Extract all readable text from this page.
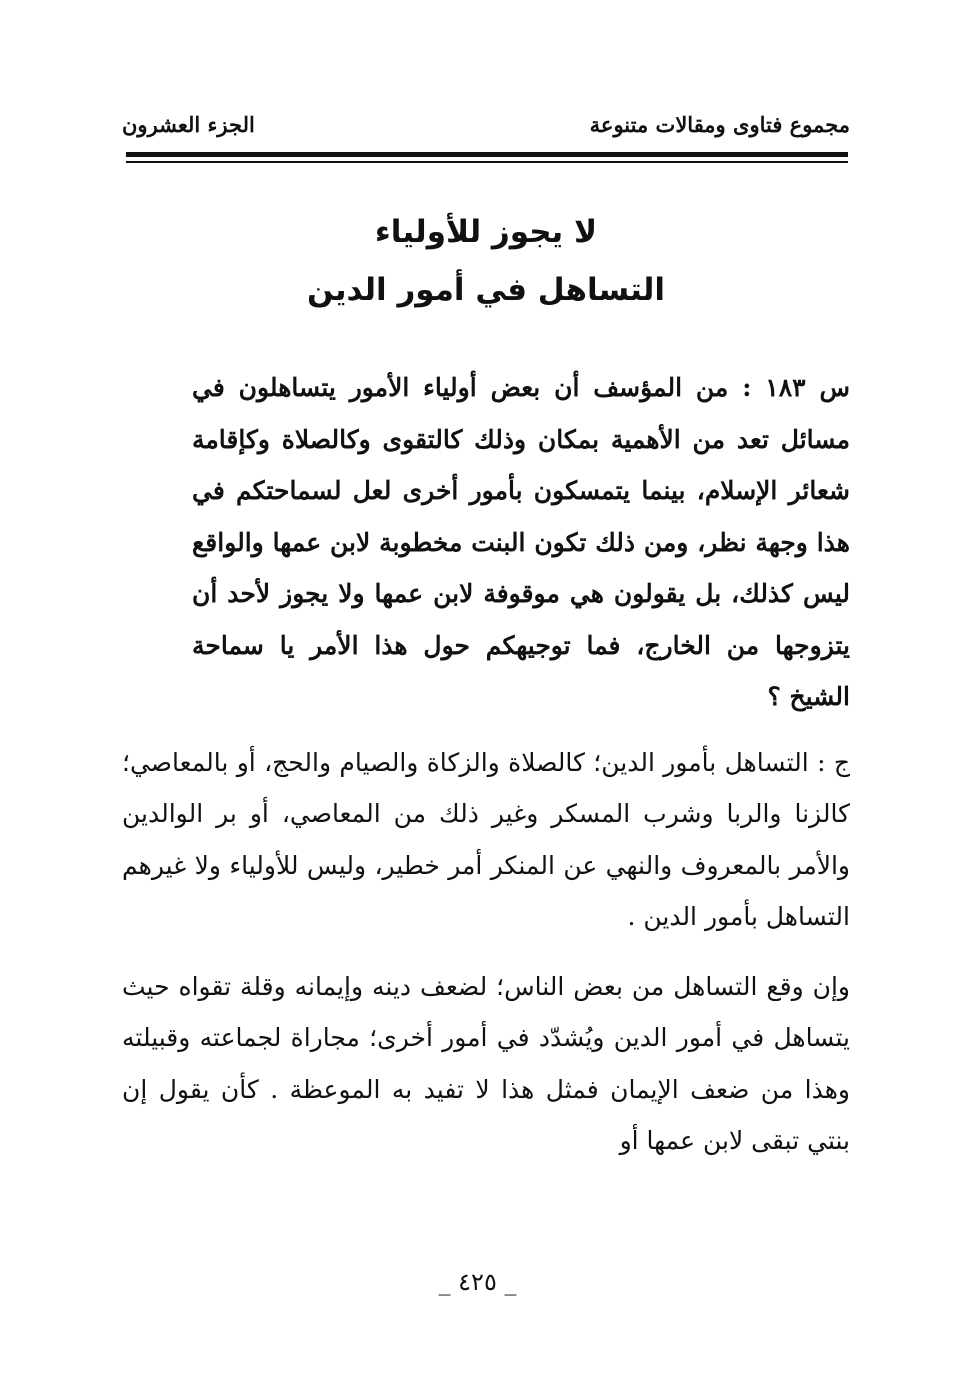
مجموع فتاوى ومقالات متنوعة
الجزء العشرون
لا يجوز للأولياء
التساهل في أمور الدين

س ١٨٣ : من المؤسف أن بعض أولياء الأمور يتساهلون في مسائل تعد من الأهمية بمكان وذلك كالتقوى وكالصلاة وكإقامة شعائر الإسلام، بينما يتمسكون بأمور أخرى لعل لسماحتكم في هذا وجهة نظر، ومن ذلك تكون البنت مخطوبة لابن عمها والواقع ليس كذلك، بل يقولون هي موقوفة لابن عمها ولا يجوز لأحد أن يتزوجها من الخارج، فما توجيهكم حول هذا الأمر يا سماحة الشيخ ؟

ج : التساهل بأمور الدين؛ كالصلاة والزكاة والصيام والحج، أو بالمعاصي؛ كالزنا والربا وشرب المسكر وغير ذلك من المعاصي، أو بر الوالدين والأمر بالمعروف والنهي عن المنكر أمر خطير، وليس للأولياء ولا غيرهم التساهل بأمور الدين .

وإن وقع التساهل من بعض الناس؛ لضعف دينه وإيمانه وقلة تقواه حيث يتساهل في أمور الدين ويُشدّد في أمور أخرى؛ مجاراة لجماعته وقبيلته وهذا من ضعف الإيمان فمثل هذا لا تفيد به الموعظة . كأن يقول إن بنتي تبقى لابن عمها أو

_ ٤٢٥ _
